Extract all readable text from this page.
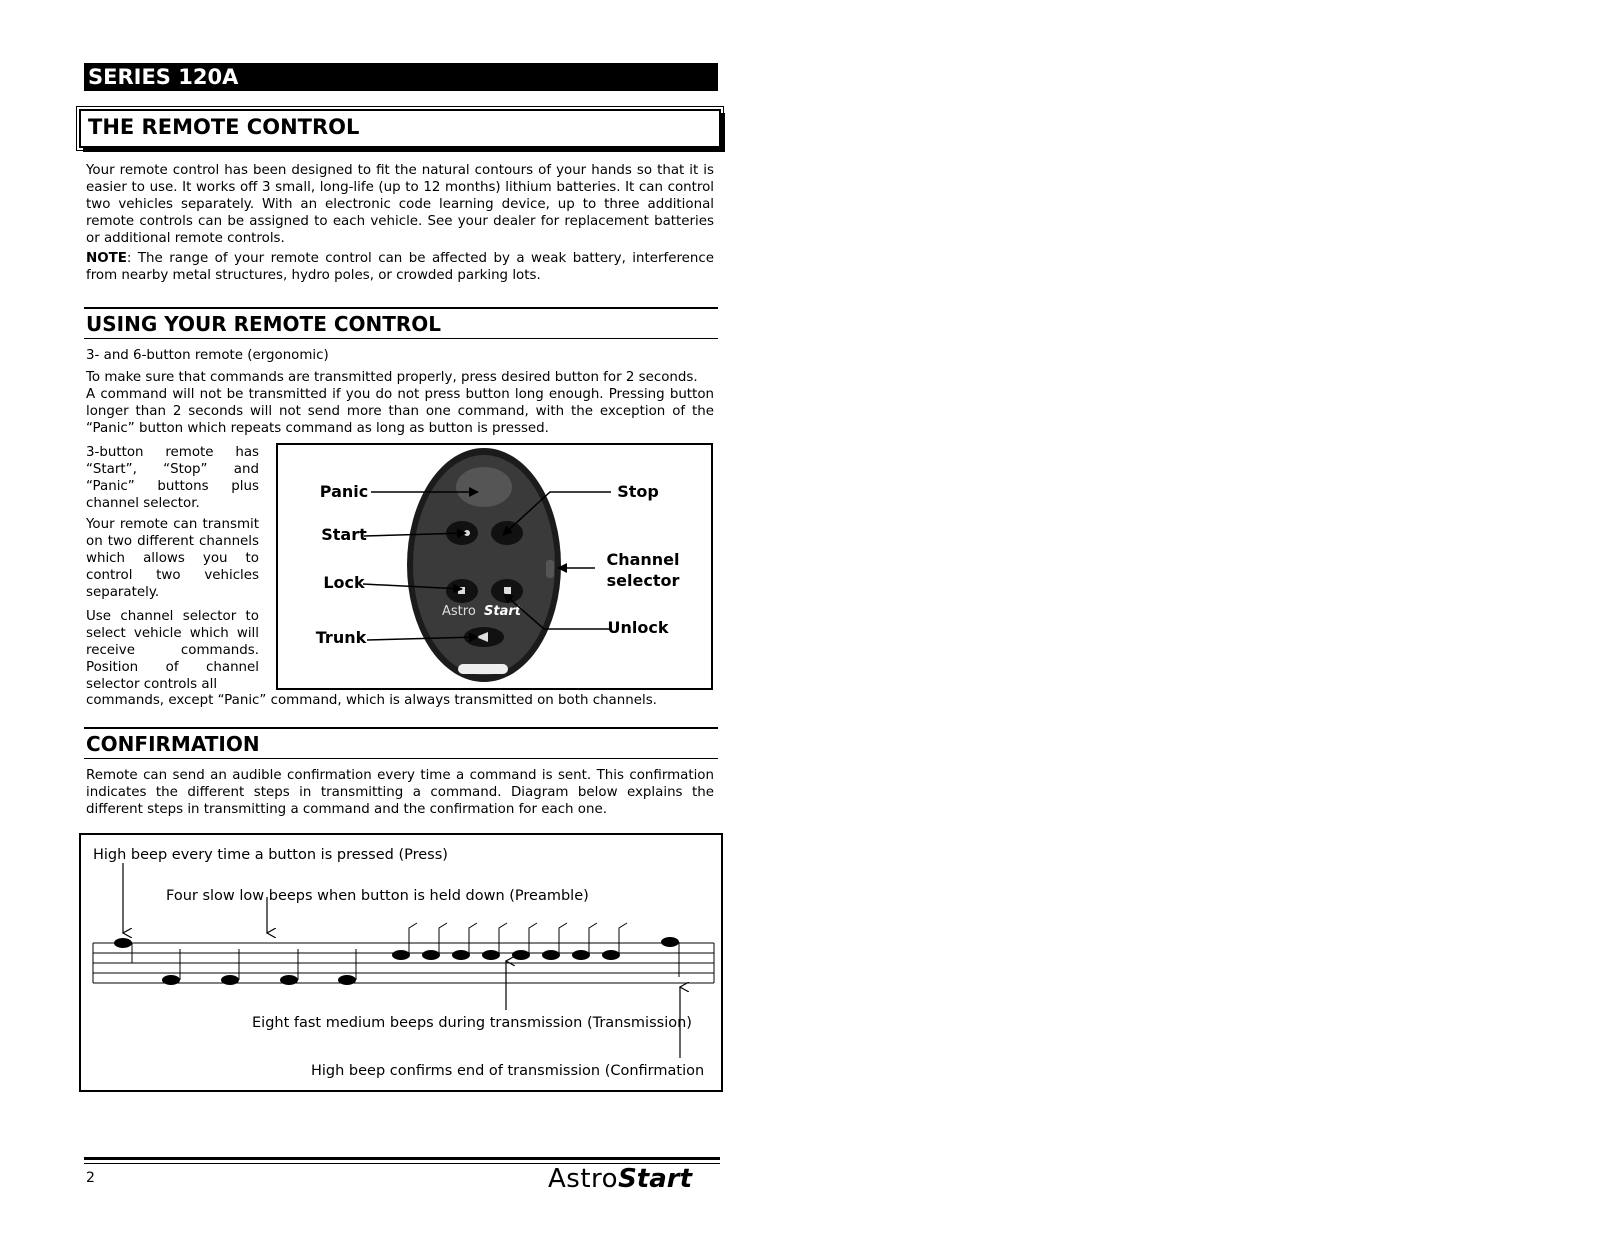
SERIES 120A
THE REMOTE CONTROL
Your remote control has been designed to fit the natural contours of your hands so that it is easier to use. It works off 3 small, long-life (up to 12 months) lithium batteries. It can control two vehicles separately. With an electronic code learning device, up to three additional remote controls can be assigned to each vehicle. See your dealer for replacement batteries or additional remote controls.
NOTE: The range of your remote control can be affected by a weak battery, interference from nearby metal structures, hydro poles, or crowded parking lots.
USING YOUR REMOTE CONTROL
3- and 6-button remote (ergonomic)
To make sure that commands are transmitted properly, press desired button for 2 seconds.
A command will not be transmitted if you do not press button long enough. Pressing button longer than 2 seconds will not send more than one command, with the exception of the “Panic” button which repeats command as long as button is pressed.
3-button remote has “Start”, “Stop” and “Panic” buttons plus channel selector.
Your remote can transmit on two different channels which allows you to control two vehicles separately.
Use channel selector to select vehicle which will receive commands. Position of channel selector controls all
commands, except “Panic” command, which is always transmitted on both channels.
Astro Start
Panic
Start
Lock
Trunk
Stop
Channel
selector
Unlock
CONFIRMATION
Remote can send an audible confirmation every time a command is sent. This confirmation indicates the different steps in transmitting a command. Diagram below explains the different steps in transmitting a command and the confirmation for each one.
High beep every time a button is pressed (Press)
Four slow low beeps when button is held down (Preamble)
Eight fast medium beeps during transmission (Transmission)
High beep confirms end of transmission (Confirmation
2	AstroStart
